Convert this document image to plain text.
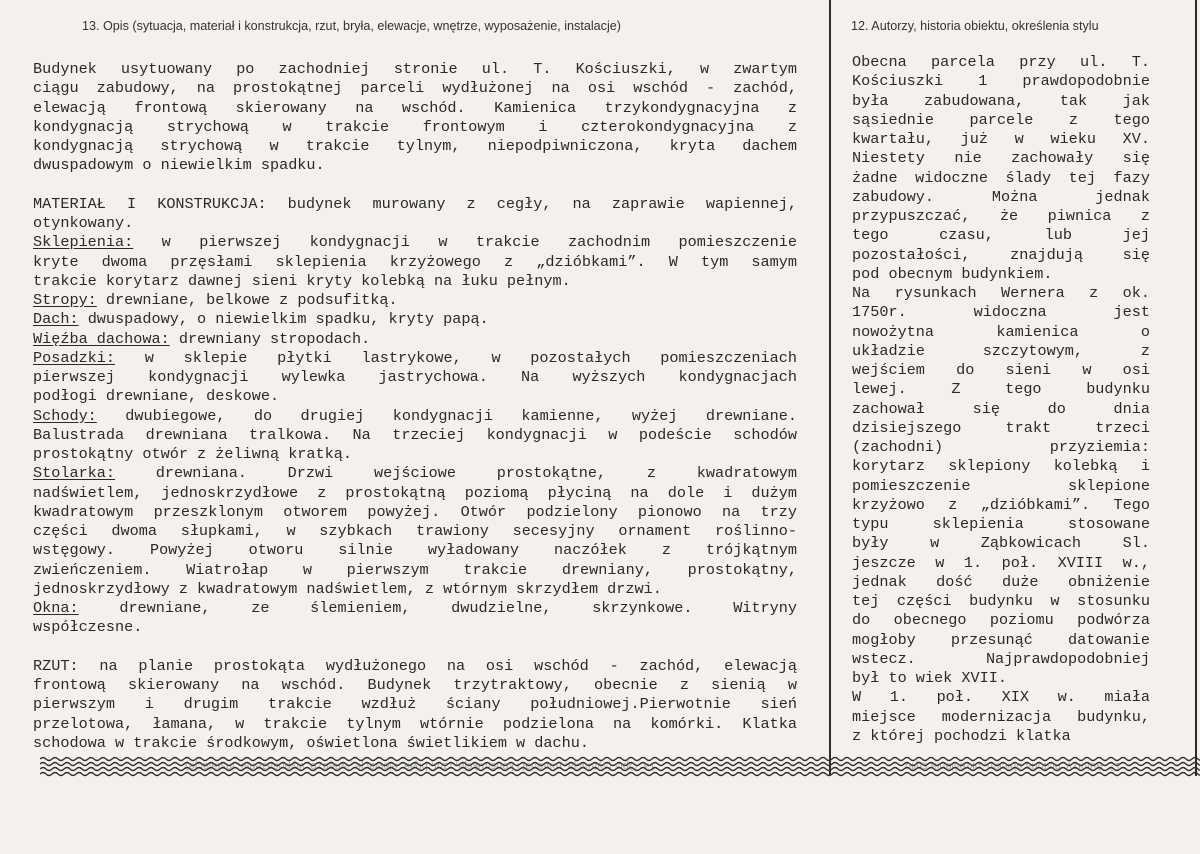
13. Opis (sytuacja, materiał i konstrukcja, rzut, bryła, elewacje, wnętrze, wyposażenie, instalacje)	12. Autorzy, historia obiektu, określenia stylu
Budynek usytuowany po zachodniej stronie ul. T. Kościuszki, w zwartym
ciągu zabudowy, na prostokątnej parceli wydłużonej na osi wschód - zachód,
elewacją frontową skierowany na wschód. Kamienica trzykondygnacyjna z
kondygnacją strychową w trakcie frontowym i czterokondygnacyjna z
kondygnacją strychową w trakcie tylnym, niepodpiwniczona, kryta dachem
dwuspadowym o niewielkim spadku.
MATERIAŁ I KONSTRUKCJA: budynek murowany z cegły, na zaprawie wapiennej,
otynkowany.
Sklepienia: w pierwszej kondygnacji w trakcie zachodnim pomieszczenie
kryte dwoma przęsłami sklepienia krzyżowego z „dzióbkami”. W tym samym
trakcie korytarz dawnej sieni kryty kolebką na łuku pełnym.
Stropy: drewniane, belkowe z podsufitką.
Dach: dwuspadowy, o niewielkim spadku, kryty papą.
Więźba dachowa: drewniany stropodach.
Posadzki: w sklepie płytki lastrykowe, w pozostałych pomieszczeniach
pierwszej kondygnacji wylewka jastrychowa. Na wyższych kondygnacjach
podłogi drewniane, deskowe.
Schody: dwubiegowe, do drugiej kondygnacji kamienne, wyżej drewniane.
Balustrada drewniana tralkowa. Na trzeciej kondygnacji w podeście schodów
prostokątny otwór z żeliwną kratką.
Stolarka: drewniana. Drzwi wejściowe prostokątne, z kwadratowym
nadświetlem, jednoskrzydłowe z prostokątną poziomą płyciną na dole i dużym
kwadratowym przeszklonym otworem powyżej. Otwór podzielony pionowo na trzy
części dwoma słupkami, w szybkach trawiony secesyjny ornament roślinno-
wstęgowy. Powyżej otworu silnie wyładowany naczółek z trójkątnym
zwieńczeniem. Wiatrołap w pierwszym trakcie drewniany, prostokątny,
jednoskrzydłowy z kwadratowym nadświetlem, z wtórnym skrzydłem drzwi.
Okna: drewniane, ze ślemieniem, dwudzielne, skrzynkowe. Witryny
współczesne.
RZUT: na planie prostokąta wydłużonego na osi wschód - zachód, elewacją
frontową skierowany na wschód. Budynek trzytraktowy, obecnie z sienią w
pierwszym i drugim trakcie wzdłuż ściany południowej.Pierwotnie sień
przelotowa, łamana, w trakcie tylnym wtórnie podzielona na komórki. Klatka
schodowa w trakcie środkowym, oświetlona świetlikiem w dachu.
Obecna parcela przy ul. T.
Kościuszki 1 prawdopodobnie
była zabudowana, tak jak
sąsiednie parcele z tego
kwartału, już w wieku XV.
Niestety nie zachowały się
żadne widoczne ślady tej fazy
zabudowy. Można jednak
przypuszczać, że piwnica z
tego czasu, lub jej
pozostałości, znajdują się
pod obecnym budynkiem.
Na rysunkach Wernera z ok.
1750r. widoczna jest
nowożytna kamienica o
układzie szczytowym, z
wejściem do sieni w osi
lewej. Z tego budynku
zachował się do dnia
dzisiejszego trakt trzeci
(zachodni) przyziemia:
korytarz sklepiony kolebką i
pomieszczenie sklepione
krzyżowo z „dzióbkami”. Tego
typu sklepienia stosowane
były w Ząbkowicach Sl.
jeszcze w 1. poł. XVIII w.,
jednak dość duże obniżenie
tej części budynku w stosunku
do obecnego poziomu podwórza
mogłoby przesunąć datowanie
wstecz. Najprawdopodobniej
był to wiek XVII.
W 1. poł. XIX w. miała
miejsce modernizacja budynku,
z której pochodzi klatka
13. Opis (sytuacja, materiał i konstrukcja, rzut, bryła, elewacje, wnętrze, wyposażenie, instalacje)	12. Autorzy, historia obiektu, określenia stylu
